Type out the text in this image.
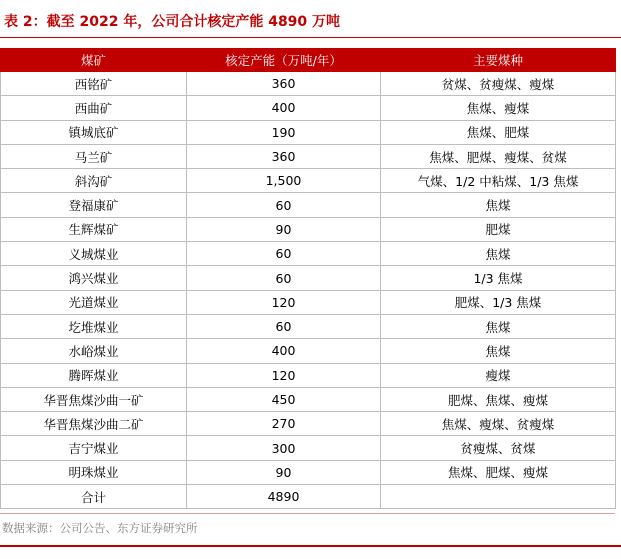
表 2：截至 2022 年，公司合计核定产能 4890 万吨
煤矿	核定产能（万吨/年）	主要煤种
西铭矿	360	贫煤、贫瘦煤、瘦煤
西曲矿	400	焦煤、瘦煤
镇城底矿	190	焦煤、肥煤
马兰矿	360	焦煤、肥煤、瘦煤、贫煤
斜沟矿	1,500	气煤、1/2 中粘煤、1/3 焦煤
登福康矿	60	焦煤
生辉煤矿	90	肥煤
义城煤业	60	焦煤
鸿兴煤业	60	1/3 焦煤
光道煤业	120	肥煤、1/3 焦煤
圪堆煤业	60	焦煤
水峪煤业	400	焦煤
腾晖煤业	120	瘦煤
华晋焦煤沙曲一矿	450	肥煤、焦煤、瘦煤
华晋焦煤沙曲二矿	270	焦煤、瘦煤、贫瘦煤
吉宁煤业	300	贫瘦煤、贫煤
明珠煤业	90	焦煤、肥煤、瘦煤
合计	4890	
数据来源：公司公告、东方证券研究所
